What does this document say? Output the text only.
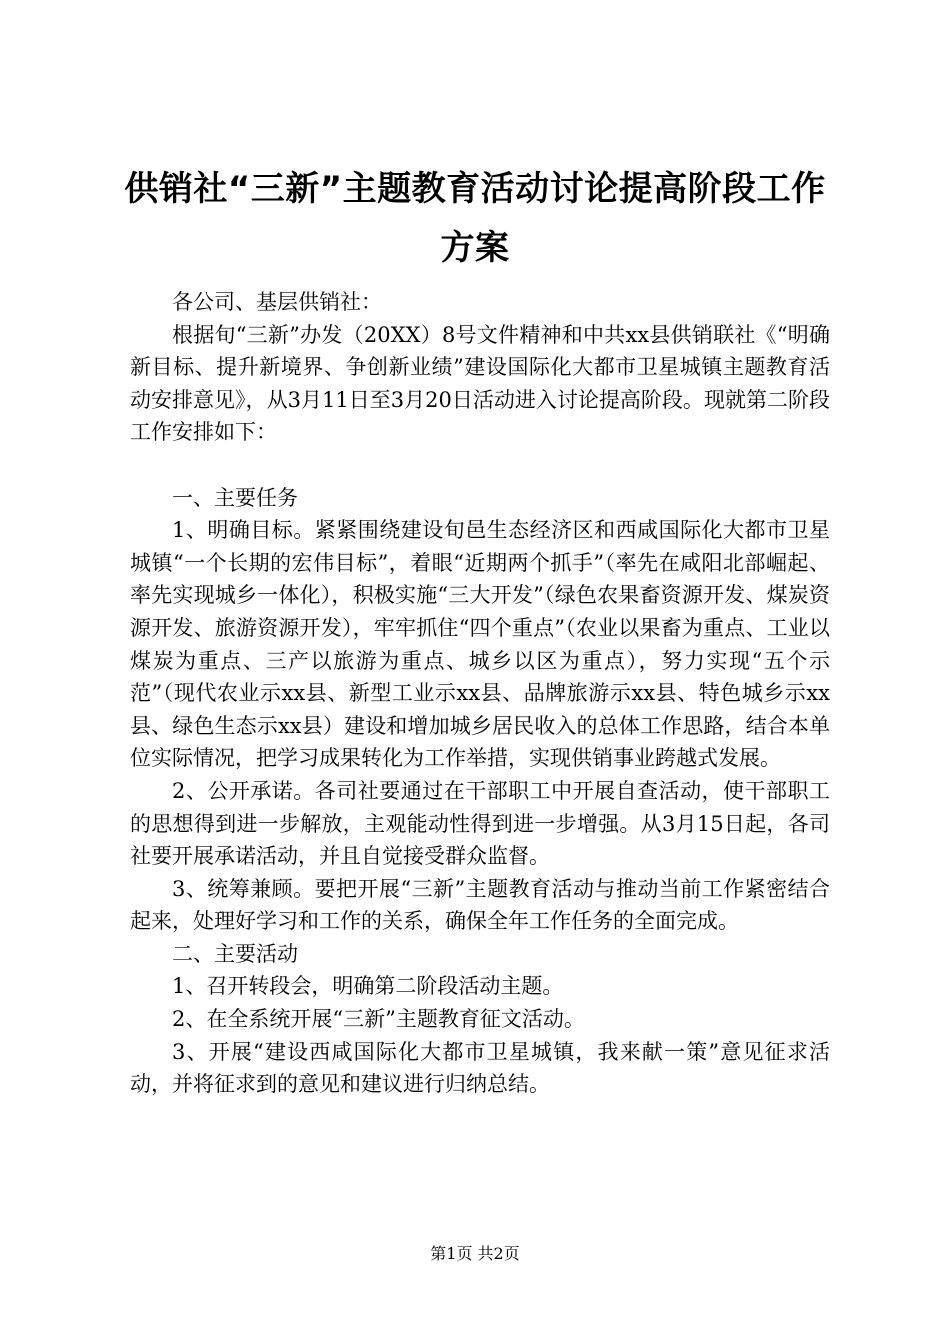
供销社“三新”主题教育活动讨论提高阶段工作方案

各公司、基层供销社：

根据旬“三新”办发（20XX）8号文件精神和中共xx县供销联社《“明确新目标、提升新境界、争创新业绩”建设国际化大都市卫星城镇主题教育活动安排意见》，从3月11日至3月20日活动进入讨论提高阶段。现就第二阶段工作安排如下：

一、主要任务

1、明确目标。紧紧围绕建设旬邑生态经济区和西咸国际化大都市卫星城镇“一个长期的宏伟目标”，着眼“近期两个抓手”（率先在咸阳北部崛起、率先实现城乡一体化），积极实施“三大开发”（绿色农果畜资源开发、煤炭资源开发、旅游资源开发），牢牢抓住“四个重点”（农业以果畜为重点、工业以煤炭为重点、三产以旅游为重点、城乡以区为重点），努力实现“五个示范”（现代农业示xx县、新型工业示xx县、品牌旅游示xx县、特色城乡示xx县、绿色生态示xx县）建设和增加城乡居民收入的总体工作思路，结合本单位实际情况，把学习成果转化为工作举措，实现供销事业跨越式发展。

2、公开承诺。各司社要通过在干部职工中开展自查活动，使干部职工的思想得到进一步解放，主观能动性得到进一步增强。从3月15日起，各司社要开展承诺活动，并且自觉接受群众监督。

3、统筹兼顾。要把开展“三新”主题教育活动与推动当前工作紧密结合起来，处理好学习和工作的关系，确保全年工作任务的全面完成。

二、主要活动

1、召开转段会，明确第二阶段活动主题。

2、在全系统开展“三新”主题教育征文活动。

3、开展“建设西咸国际化大都市卫星城镇，我来献一策”意见征求活动，并将征求到的意见和建议进行归纳总结。

第1页 共2页
